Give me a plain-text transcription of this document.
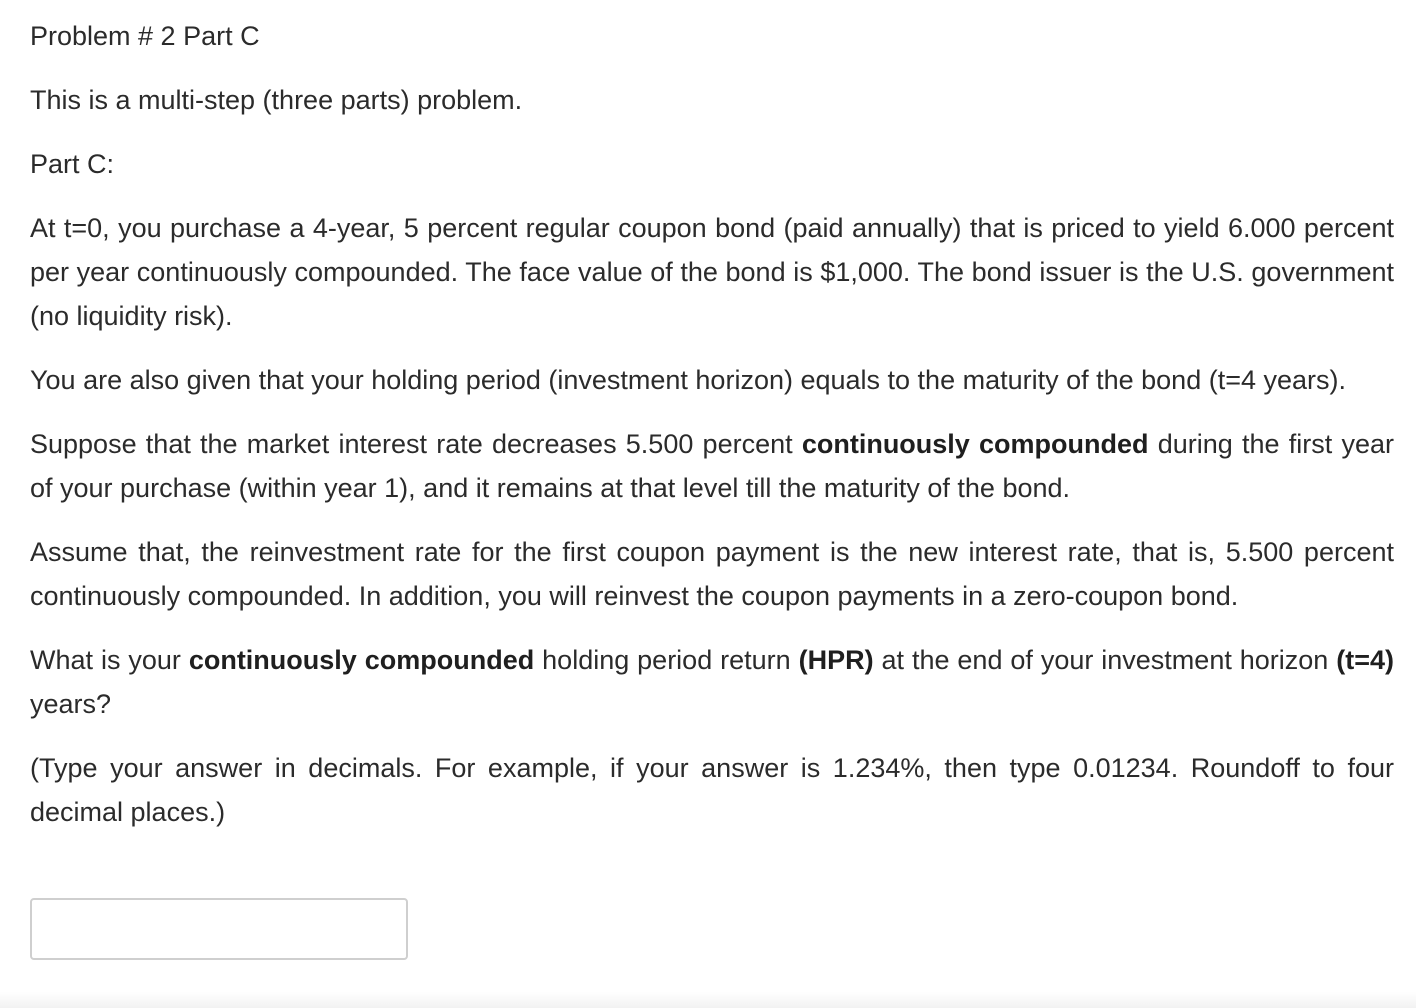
Problem # 2 Part C
This is a multi-step (three parts) problem.
Part C:
At t=0, you purchase a 4-year, 5 percent regular coupon bond (paid annually) that is priced to yield 6.000 percent per year continuously compounded. The face value of the bond is $1,000. The bond issuer is the U.S. government (no liquidity risk).
You are also given that your holding period (investment horizon) equals to the maturity of the bond (t=4 years).
Suppose that the market interest rate decreases 5.500 percent continuously compounded during the first year of your purchase (within year 1), and it remains at that level till the maturity of the bond.
Assume that, the reinvestment rate for the first coupon payment is the new interest rate, that is, 5.500 percent continuously compounded. In addition, you will reinvest the coupon payments in a zero-coupon bond.
What is your continuously compounded holding period return (HPR) at the end of your investment horizon (t=4) years?
(Type your answer in decimals. For example, if your answer is 1.234%, then type 0.01234. Roundoff to four decimal places.)
